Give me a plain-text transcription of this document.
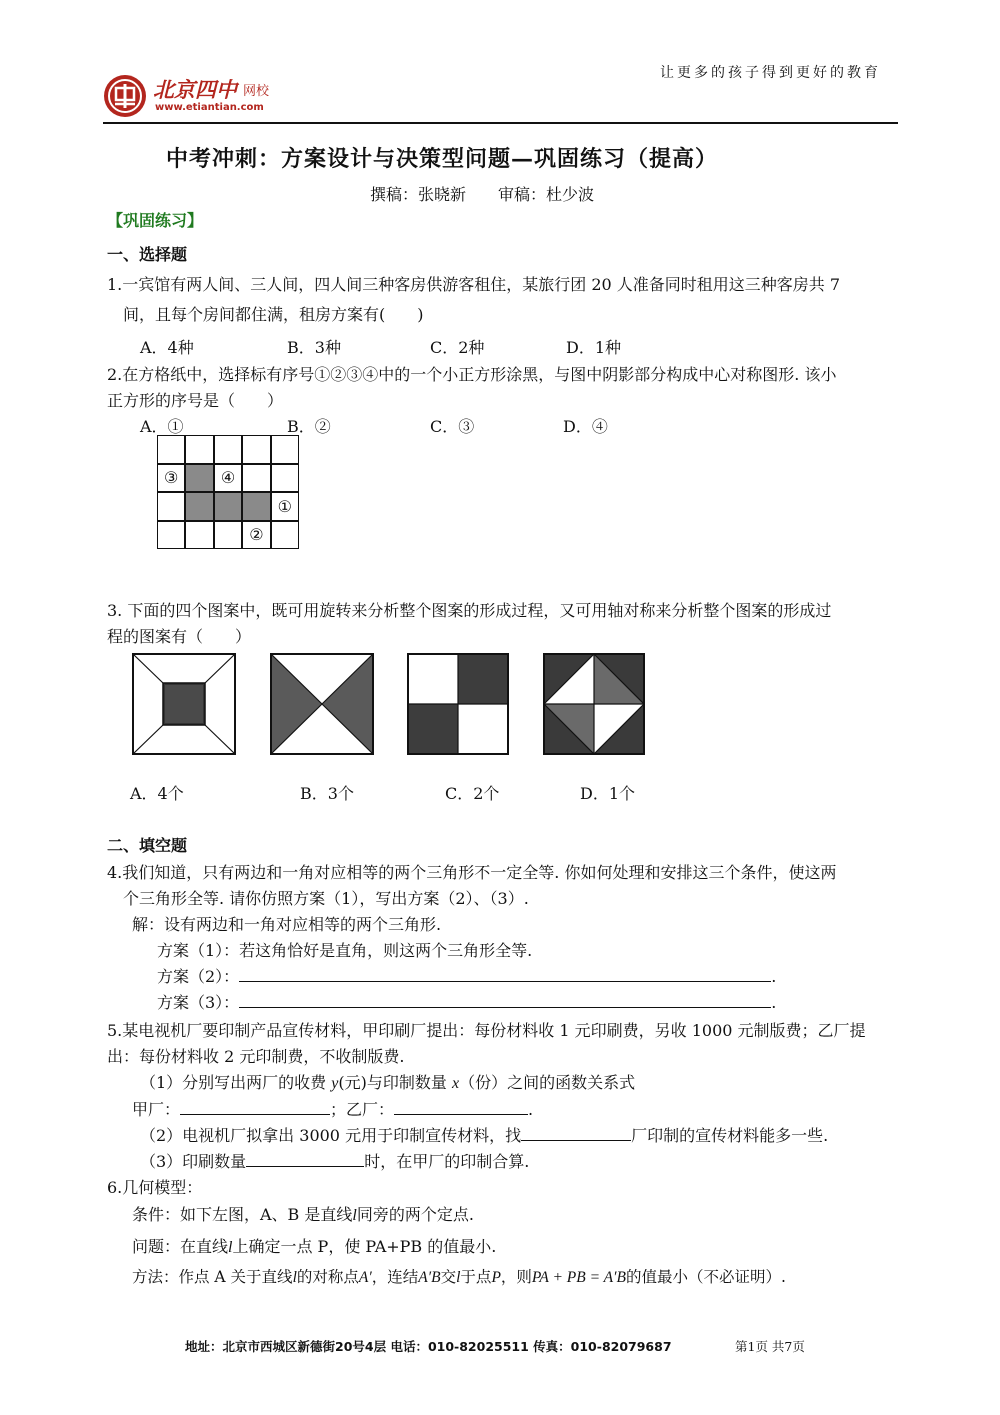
北京四中 网校
www.etiantian.com
让更多的孩子得到更好的教育
中考冲刺：方案设计与决策型问题—巩固练习（提高）
撰稿：张晓新　　审稿：杜少波
【巩固练习】
一、选择题
1.一宾馆有两人间、三人间，四人间三种客房供游客租住，某旅行团 20 人准备同时租用这三种客房共 7
间，且每个房间都住满，租房方案有(　　)
A．4种	B．3种	C．2种	D．1种
2.在方格纸中，选择标有序号①②③④中的一个小正方形涂黑，与图中阴影部分构成中心对称图形. 该小
正方形的序号是（　　）
A．①	B．②	C．③	D．④
③	④
①
②
3. 下面的四个图案中，既可用旋转来分析整个图案的形成过程，又可用轴对称来分析整个图案的形成过
程的图案有（　　）
A．4个	B．3个	C．2个	D．1个
二、填空题
4.我们知道，只有两边和一角对应相等的两个三角形不一定全等. 你如何处理和安排这三个条件，使这两
个三角形全等. 请你仿照方案（1），写出方案（2）、（3）.
解：设有两边和一角对应相等的两个三角形.
方案（1）：若这角恰好是直角，则这两个三角形全等.
方案（2）：	.
方案（3）：	.
5.某电视机厂要印制产品宣传材料，甲印刷厂提出：每份材料收 1 元印刷费，另收 1000 元制版费；乙厂提
出：每份材料收 2 元印制费，不收制版费.
（1）分别写出两厂的收费 y(元)与印制数量 x（份）之间的函数关系式
甲厂：	；乙厂：	.
（2）电视机厂拟拿出 3000 元用于印制宣传材料，找	厂印制的宣传材料能多一些.
（3）印刷数量	时，在甲厂的印制合算.
6.几何模型：
条件：如下左图，A、B 是直线l同旁的两个定点.
问题：在直线l上确定一点 P，使 PA+PB 的值最小.
方法：作点 A 关于直线l的对称点A′，连结A′B交l于点P，则PA + PB = A′B的值最小（不必证明）.
地址：北京市西城区新德街20号4层 电话：010-82025511 传真：010-82079687	第1页 共7页
